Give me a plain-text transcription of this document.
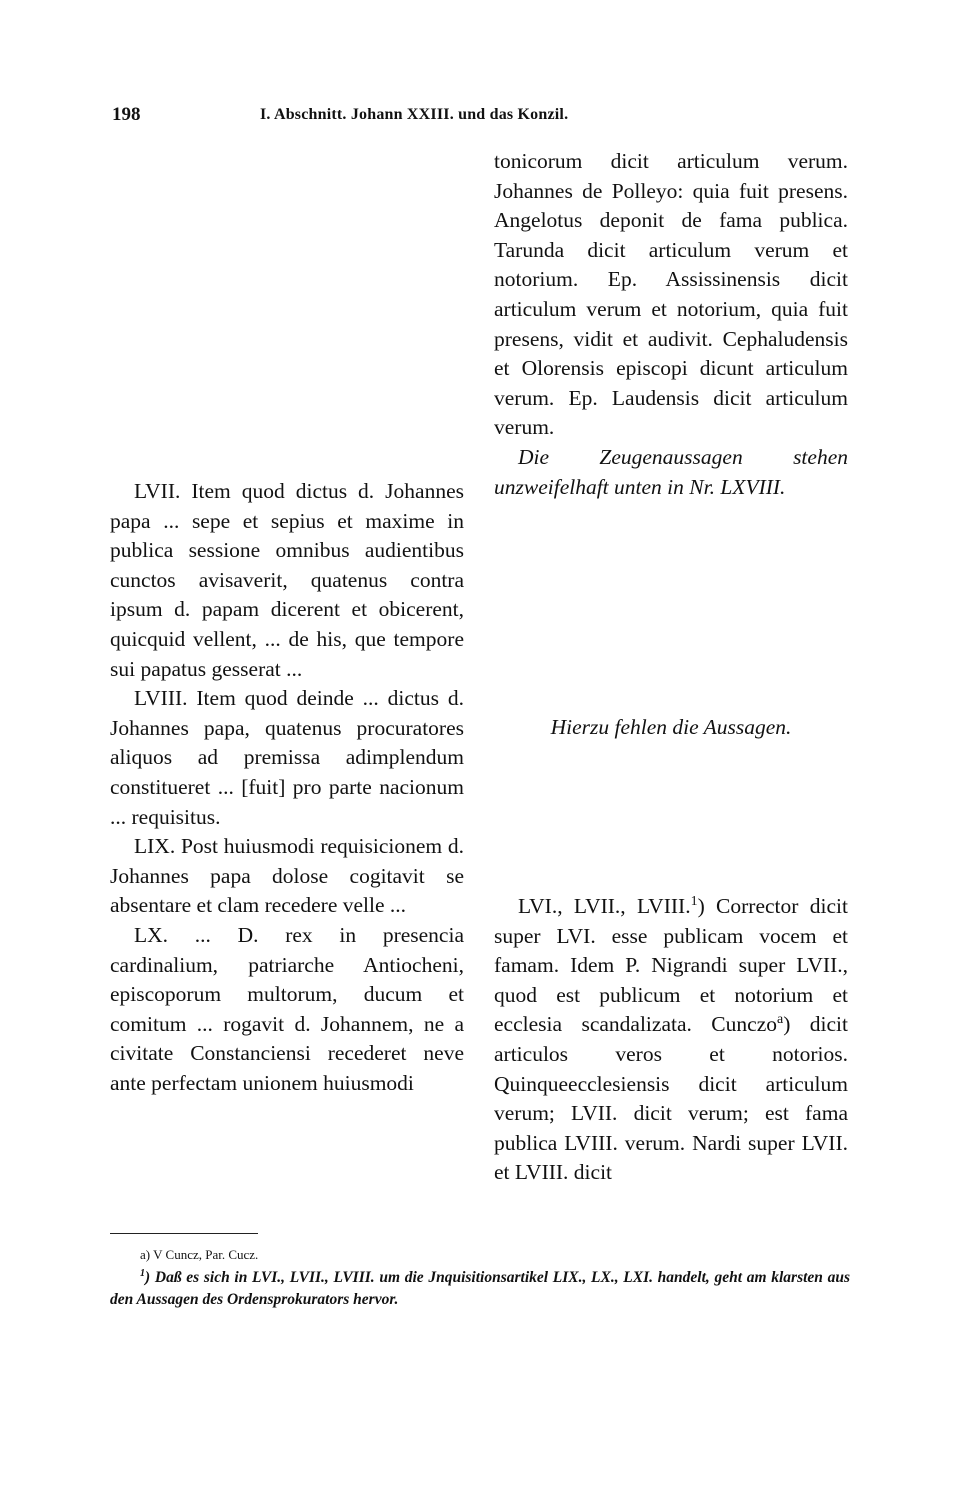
198	I. Abschnitt. Johann XXIII. und das Konzil.

tonicorum dicit articulum verum. Johannes de Polleyo: quia fuit presens. Angelotus deponit de fama publica. Tarunda dicit articulum verum et notorium. Ep. Assissinensis dicit articulum verum et notorium, quia fuit presens, vidit et audivit. Cephaludensis et Olorensis episcopi dicunt articulum verum. Ep. Laudensis dicit articulum verum.

Die Zeugenaussagen stehen unzweifelhaft unten in Nr. LXVIII.

LVII. Item quod dictus d. Johannes papa ... sepe et sepius et maxime in publica sessione omnibus audientibus cunctos avisaverit, quatenus contra ipsum d. papam dicerent et obicerent, quicquid vellent, ... de his, que tempore sui papatus gesserat ...

LVIII. Item quod deinde ... dictus d. Johannes papa, quatenus procuratores aliquos ad premissa adimplendum constitueret ... [fuit] pro parte nacionum ... requisitus.

LIX. Post huiusmodi requisicionem d. Johannes papa dolose cogitavit se absentare et clam recedere velle ...

LX. ... D. rex in presencia cardinalium, patriarche Antiocheni, episcoporum multorum, ducum et comitum ... rogavit d. Johannem, ne a civitate Constanciensi recederet neve ante perfectam unionem huiusmodi

Hierzu fehlen die Aussagen.

LVI., LVII., LVIII.$^1$) Corrector dicit super LVI. esse publicam vocem et famam. Idem P. Nigrandi super LVII., quod est publicum et notorium et ecclesia scandalizata. Cunczo$^a$) dicit articulos veros et notorios. Quinqueecclesiensis dicit articulum verum; LVII. dicit verum; est fama publica LVIII. verum. Nardi super LVII. et LVIII. dicit

a) V Cuncz, Par. Cucz.

$^1$) Daß es sich in LVI., LVII., LVIII. um die Jnquisitionsartikel LIX., LX., LXI. handelt, geht am klarsten aus den Aussagen des Ordensprokurators hervor.
